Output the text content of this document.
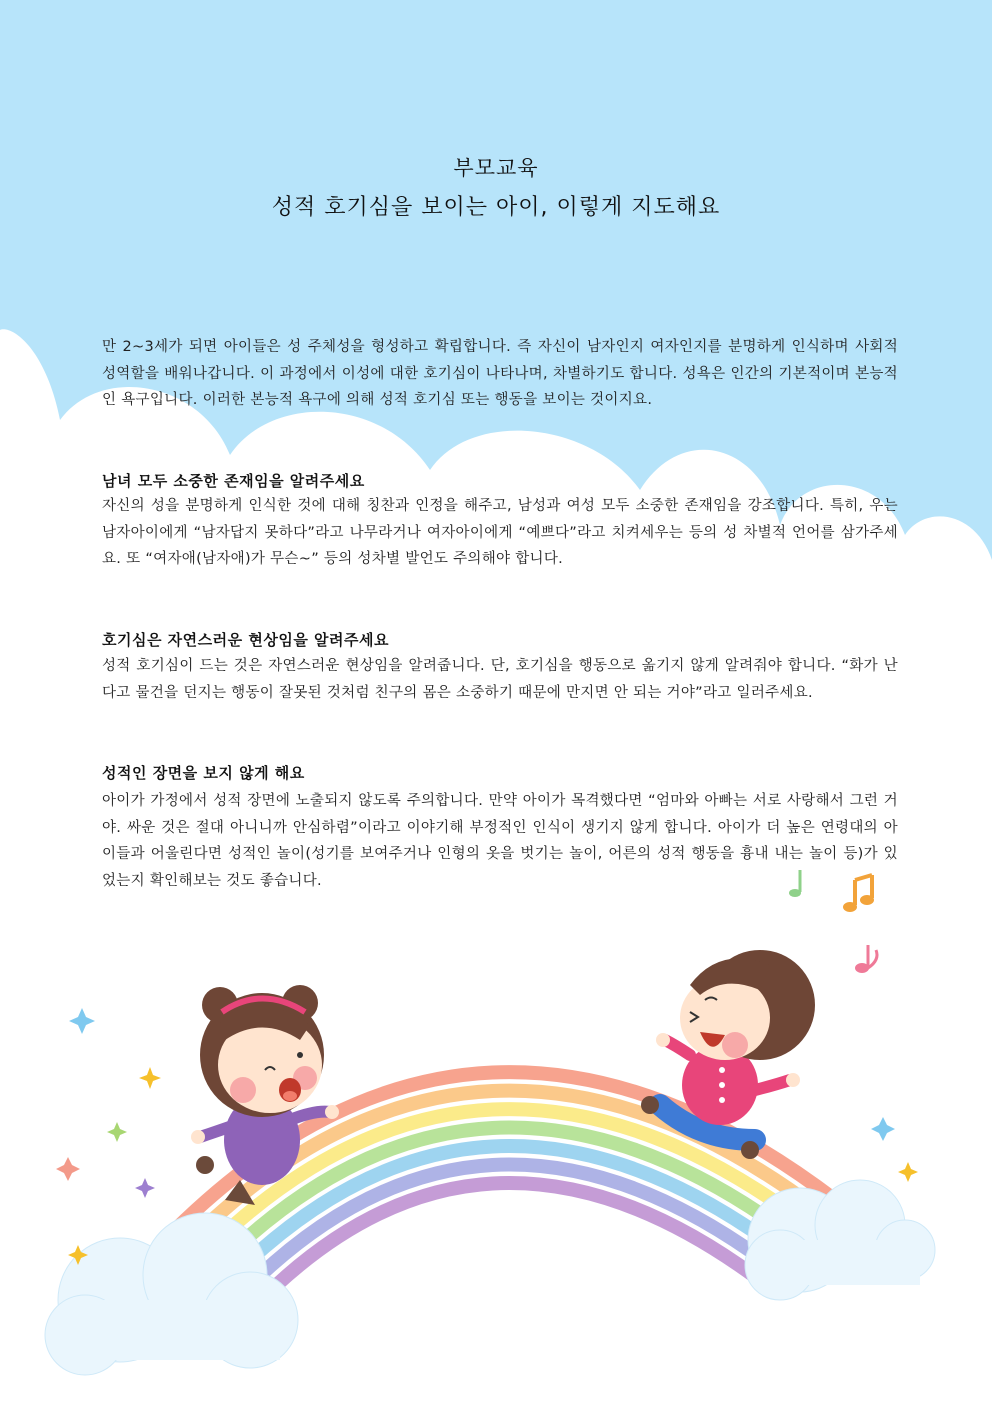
부모교육
성적 호기심을 보이는 아이, 이렇게 지도해요
만 2~3세가 되면 아이들은 성 주체성을 형성하고 확립합니다. 즉 자신이 남자인지 여자인지를 분명하게 인식하며 사회적 성역할을 배워나갑니다. 이 과정에서 이성에 대한 호기심이 나타나며, 차별하기도 합니다. 성욕은 인간의 기본적이며 본능적인 욕구입니다. 이러한 본능적 욕구에 의해 성적 호기심 또는 행동을 보이는 것이지요.
남녀 모두 소중한 존재임을 알려주세요
자신의 성을 분명하게 인식한 것에 대해 칭찬과 인정을 해주고, 남성과 여성 모두 소중한 존재임을 강조합니다. 특히, 우는 남자아이에게 “남자답지 못하다”라고 나무라거나 여자아이에게 “예쁘다”라고 치켜세우는 등의 성 차별적 언어를 삼가주세요. 또 “여자애(남자애)가 무슨~” 등의 성차별 발언도 주의해야 합니다.
호기심은 자연스러운 현상임을 알려주세요
성적 호기심이 드는 것은 자연스러운 현상임을 알려줍니다. 단, 호기심을 행동으로 옮기지 않게 알려줘야 합니다. “화가 난다고 물건을 던지는 행동이 잘못된 것처럼 친구의 몸은 소중하기 때문에 만지면 안 되는 거야”라고 일러주세요.
성적인 장면을 보지 않게 해요
아이가 가정에서 성적 장면에 노출되지 않도록 주의합니다. 만약 아이가 목격했다면 “엄마와 아빠는 서로 사랑해서 그런 거야. 싸운 것은 절대 아니니까 안심하렴”이라고 이야기해 부정적인 인식이 생기지 않게 합니다. 아이가 더 높은 연령대의 아이들과 어울린다면 성적인 놀이(성기를 보여주거나 인형의 옷을 벗기는 놀이, 어른의 성적 행동을 흉내 내는 놀이 등)가 있었는지 확인해보는 것도 좋습니다.
